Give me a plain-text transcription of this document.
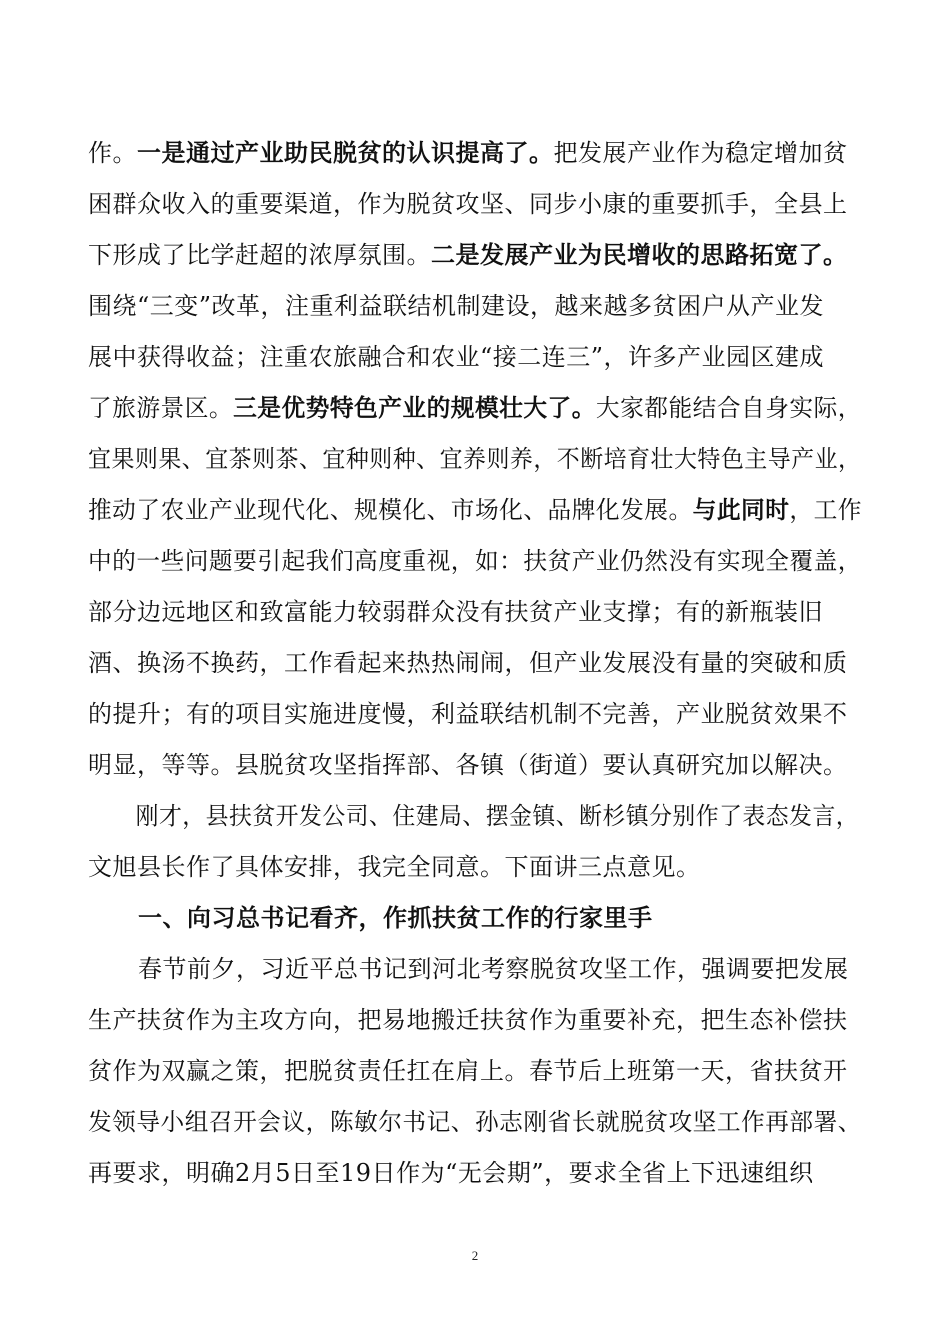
作。一是通过产业助民脱贫的认识提高了。把发展产业作为稳定增加贫
困群众收入的重要渠道，作为脱贫攻坚、同步小康的重要抓手，全县上
下形成了比学赶超的浓厚氛围。二是发展产业为民增收的思路拓宽了。
围绕“三变”改革，注重利益联结机制建设，越来越多贫困户从产业发
展中获得收益；注重农旅融合和农业“接二连三”，许多产业园区建成
了旅游景区。三是优势特色产业的规模壮大了。大家都能结合自身实际，
宜果则果、宜茶则茶、宜种则种、宜养则养，不断培育壮大特色主导产业，
推动了农业产业现代化、规模化、市场化、品牌化发展。与此同时，工作
中的一些问题要引起我们高度重视，如：扶贫产业仍然没有实现全覆盖，
部分边远地区和致富能力较弱群众没有扶贫产业支撑；有的新瓶装旧
酒、换汤不换药，工作看起来热热闹闹，但产业发展没有量的突破和质
的提升；有的项目实施进度慢，利益联结机制不完善，产业脱贫效果不
明显，等等。县脱贫攻坚指挥部、各镇（街道）要认真研究加以解决。
刚才，县扶贫开发公司、住建局、摆金镇、断杉镇分别作了表态发言，
文旭县长作了具体安排，我完全同意。下面讲三点意见。
一、向习总书记看齐，作抓扶贫工作的行家里手
春节前夕，习近平总书记到河北考察脱贫攻坚工作，强调要把发展
生产扶贫作为主攻方向，把易地搬迁扶贫作为重要补充，把生态补偿扶
贫作为双赢之策，把脱贫责任扛在肩上。春节后上班第一天，省扶贫开
发领导小组召开会议，陈敏尔书记、孙志刚省长就脱贫攻坚工作再部署、
再要求，明确2月5日至19日作为“无会期”，要求全省上下迅速组织
2
